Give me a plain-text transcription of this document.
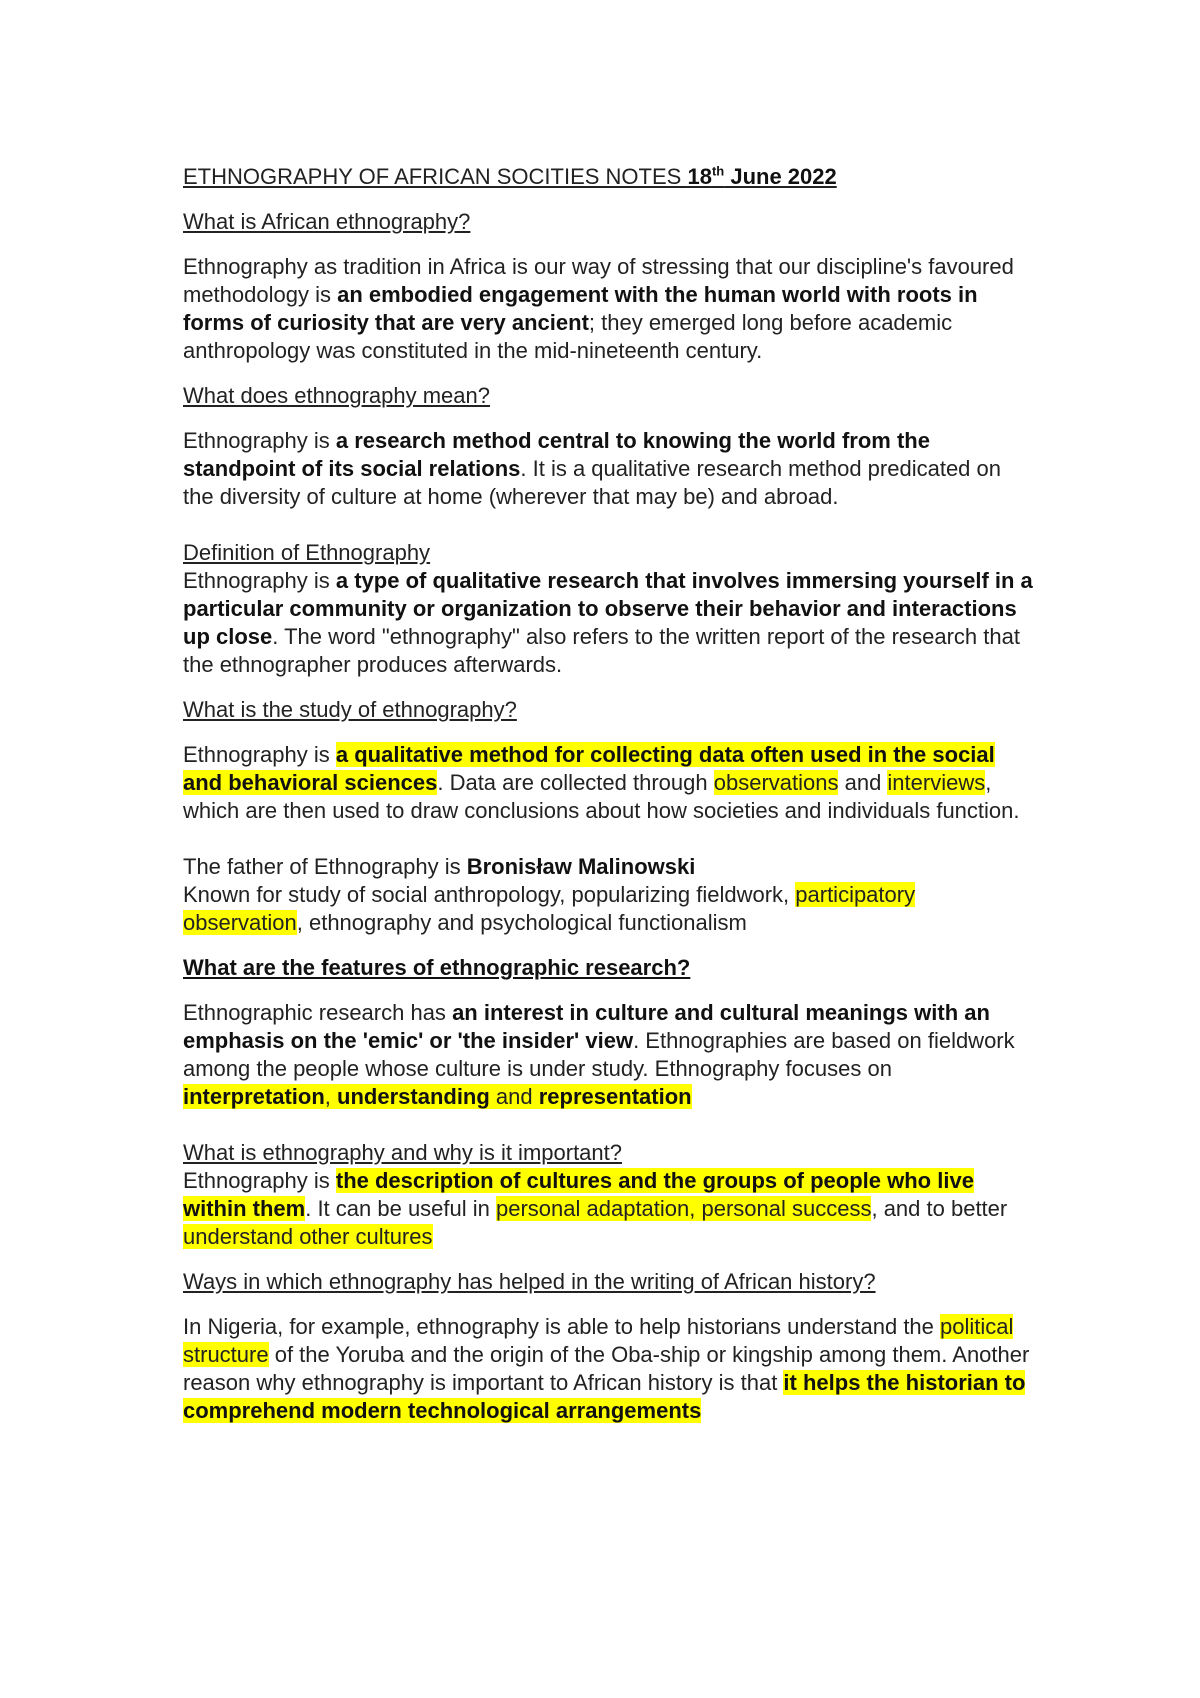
ETHNOGRAPHY OF AFRICAN SOCITIES NOTES 18th June 2022

What is African ethnography?

Ethnography as tradition in Africa is our way of stressing that our discipline's favoured methodology is an embodied engagement with the human world with roots in forms of curiosity that are very ancient; they emerged long before academic anthropology was constituted in the mid-nineteenth century.

What does ethnography mean?

Ethnography is a research method central to knowing the world from the standpoint of its social relations. It is a qualitative research method predicated on the diversity of culture at home (wherever that may be) and abroad.

Definition of Ethnography

Ethnography is a type of qualitative research that involves immersing yourself in a particular community or organization to observe their behavior and interactions up close. The word "ethnography" also refers to the written report of the research that the ethnographer produces afterwards.

What is the study of ethnography?

Ethnography is a qualitative method for collecting data often used in the social and behavioral sciences. Data are collected through observations and interviews, which are then used to draw conclusions about how societies and individuals function.

The father of Ethnography is Bronisław Malinowski

Known for study of social anthropology, popularizing fieldwork, participatory observation, ethnography and psychological functionalism

What are the features of ethnographic research?

Ethnographic research has an interest in culture and cultural meanings with an emphasis on the 'emic' or 'the insider' view. Ethnographies are based on fieldwork among the people whose culture is under study. Ethnography focuses on interpretation, understanding and representation

What is ethnography and why is it important?

Ethnography is the description of cultures and the groups of people who live within them. It can be useful in personal adaptation, personal success, and to better understand other cultures

Ways in which ethnography has helped in the writing of African history?

In Nigeria, for example, ethnography is able to help historians understand the political structure of the Yoruba and the origin of the Oba-ship or kingship among them. Another reason why ethnography is important to African history is that it helps the historian to comprehend modern technological arrangements
